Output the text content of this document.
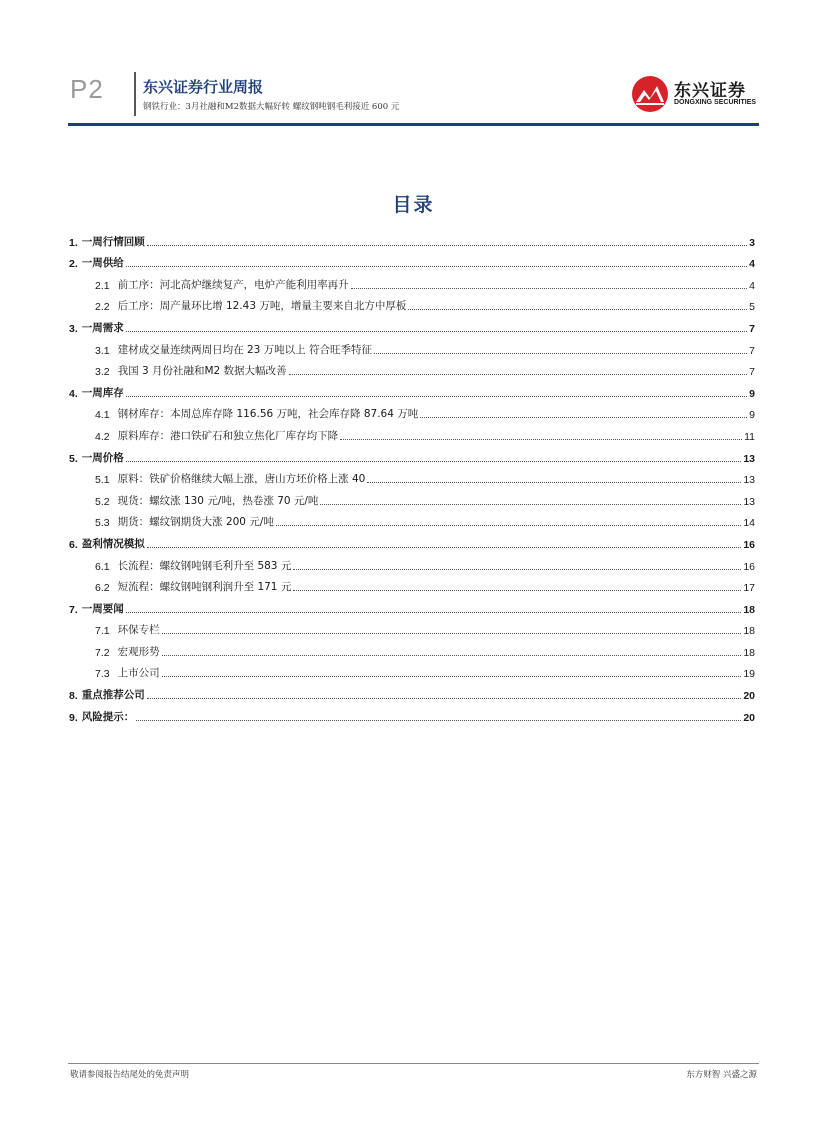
P2	东兴证券行业周报
钢铁行业：3月社融和M2数据大幅好转 螺纹钢吨钢毛利接近 600 元
东兴证券
DONGXING SECURITIES
目录
1. 一周行情回顾	3
2. 一周供给	4
2.1 前工序：河北高炉继续复产，电炉产能利用率再升	4
2.2 后工序：周产量环比增 12.43 万吨，增量主要来自北方中厚板	5
3. 一周需求	7
3.1 建材成交量连续两周日均在 23 万吨以上 符合旺季特征	7
3.2 我国 3 月份社融和M2 数据大幅改善	7
4. 一周库存	9
4.1 钢材库存：本周总库存降 116.56 万吨，社会库存降 87.64 万吨	9
4.2 原料库存：港口铁矿石和独立焦化厂库存均下降	11
5. 一周价格	13
5.1 原料：铁矿价格继续大幅上涨，唐山方坯价格上涨 40	13
5.2 现货：螺纹涨 130 元/吨，热卷涨 70 元/吨	13
5.3 期货：螺纹钢期货大涨 200 元/吨	14
6. 盈利情况模拟	16
6.1 长流程：螺纹钢吨钢毛利升至 583 元	16
6.2 短流程：螺纹钢吨钢利润升至 171 元	17
7. 一周要闻	18
7.1 环保专栏	18
7.2 宏观形势	18
7.3 上市公司	19
8. 重点推荐公司	20
9. 风险提示：	20
敬请参阅报告结尾处的免责声明	东方财智 兴盛之源
